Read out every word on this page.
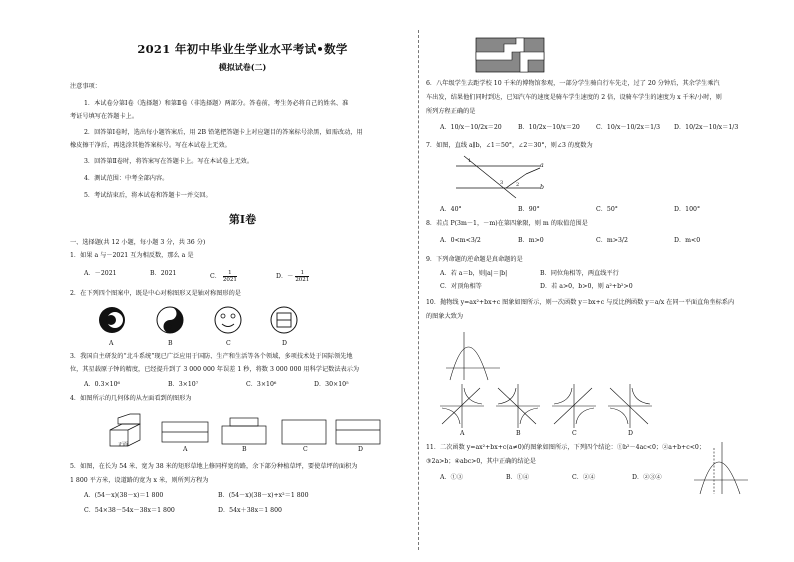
2021 年初中毕业生学业水平考试•数学
模拟试卷(二)
注意事项：
1．本试卷分第Ⅰ卷（选择题）和第Ⅱ卷（非选择题）两部分。答卷前，考生务必将自己的姓名、准
考证号填写在答题卡上。
2．回答第Ⅰ卷时，选出每小题答案后，用 2B 铅笔把答题卡上对应题目的答案标号涂黑，如需改动，用
橡皮擦干净后，再选涂其他答案标号。写在本试卷上无效。
3．回答第Ⅱ卷时，将答案写在答题卡上。写在本试卷上无效。
4．测试范围：中考全部内容。
5．考试结束后，将本试卷和答题卡一并交回。
第Ⅰ卷
一、选择题(共 12 小题，每小题 3 分，共 36 分)
1．如果 a 与－2021 互为相反数，那么 a 是
A．－2021	B．2021	C． $\frac{1}{2021}$	D．－ $\frac{1}{2021}$
2．在下列四个图案中，既是中心对称图形又是轴对称图形的是
A	B	C	D
3．我国自主研发的“北斗系统”现已广泛应用于国防、生产和生活等各个领域，多项技术处于国际领先地
位，其星载原子钟的精度，已经提升到了 3 000 000 年误差 1 秒，将数 3 000 000 用科学记数法表示为
A．0.3×10⁶	B．3×10⁷	C．3×10⁶	D．30×10⁵
4．如图所示的几何体的从左面看到的图形为
正面
A	B	C	D
5．如图，在长为 54 米、宽为 38 米的矩形草地上修同样宽的路，余下部分种植草坪，要使草坪的面积为
1 800 平方米，设道路的宽为 x 米，则所列方程为
A．(54－x)(38－x)＝1 800	B．(54－x)(38－x)+x²＝1 800
C．54×38－54x－38x＝1 800	D．54x＋38x＝1 800
6．八年级学生去距学校 10 千米的博物馆参观，一部分学生骑自行车先走，过了 20 分钟后，其余学生乘汽
车出发，结果他们同时到达，已知汽车的速度是骑车学生速度的 2 倍，设骑车学生的速度为 x 千米/小时，则
所列方程正确的是
A．10/x－10/2x＝20	B．10/2x－10/x＝20	C．10/x－10/2x＝1/3 D．10/2x－10/x＝1/3
7．如图，直线 a∥b，∠1＝50°，∠2＝30°，则∠3 的度数为
a
b
1
3	2
A．40°	B．90°	C．50°	D．100°
8．若点 P(3m－1，－m)在第四象限，则 m 的取值范围是
A．0<m<3/2	B．m>0	C．m>3/2	D．m<0
9．下列命题的逆命题是真命题的是
A．若 a＝b，则|a|＝|b|	B．同位角相等，两直线平行
C．对顶角相等	D．若 a>0，b>0，则 a²+b²>0
10．抛物线 y=ax²+bx+c 图象如图所示，则一次函数 y＝bx+c 与反比例函数 y＝a/x 在同一平面直角坐标系内
的图象大致为
A	B	C	D
11．二次函数 y=ax²+bx+c(a≠0)的图象如图所示，下列四个结论：①b²－4ac<0；②a+b+c<0；
③2a>b；④abc>0，其中正确的结论是
A．①③	B．①④	C．②④	D．②③④
